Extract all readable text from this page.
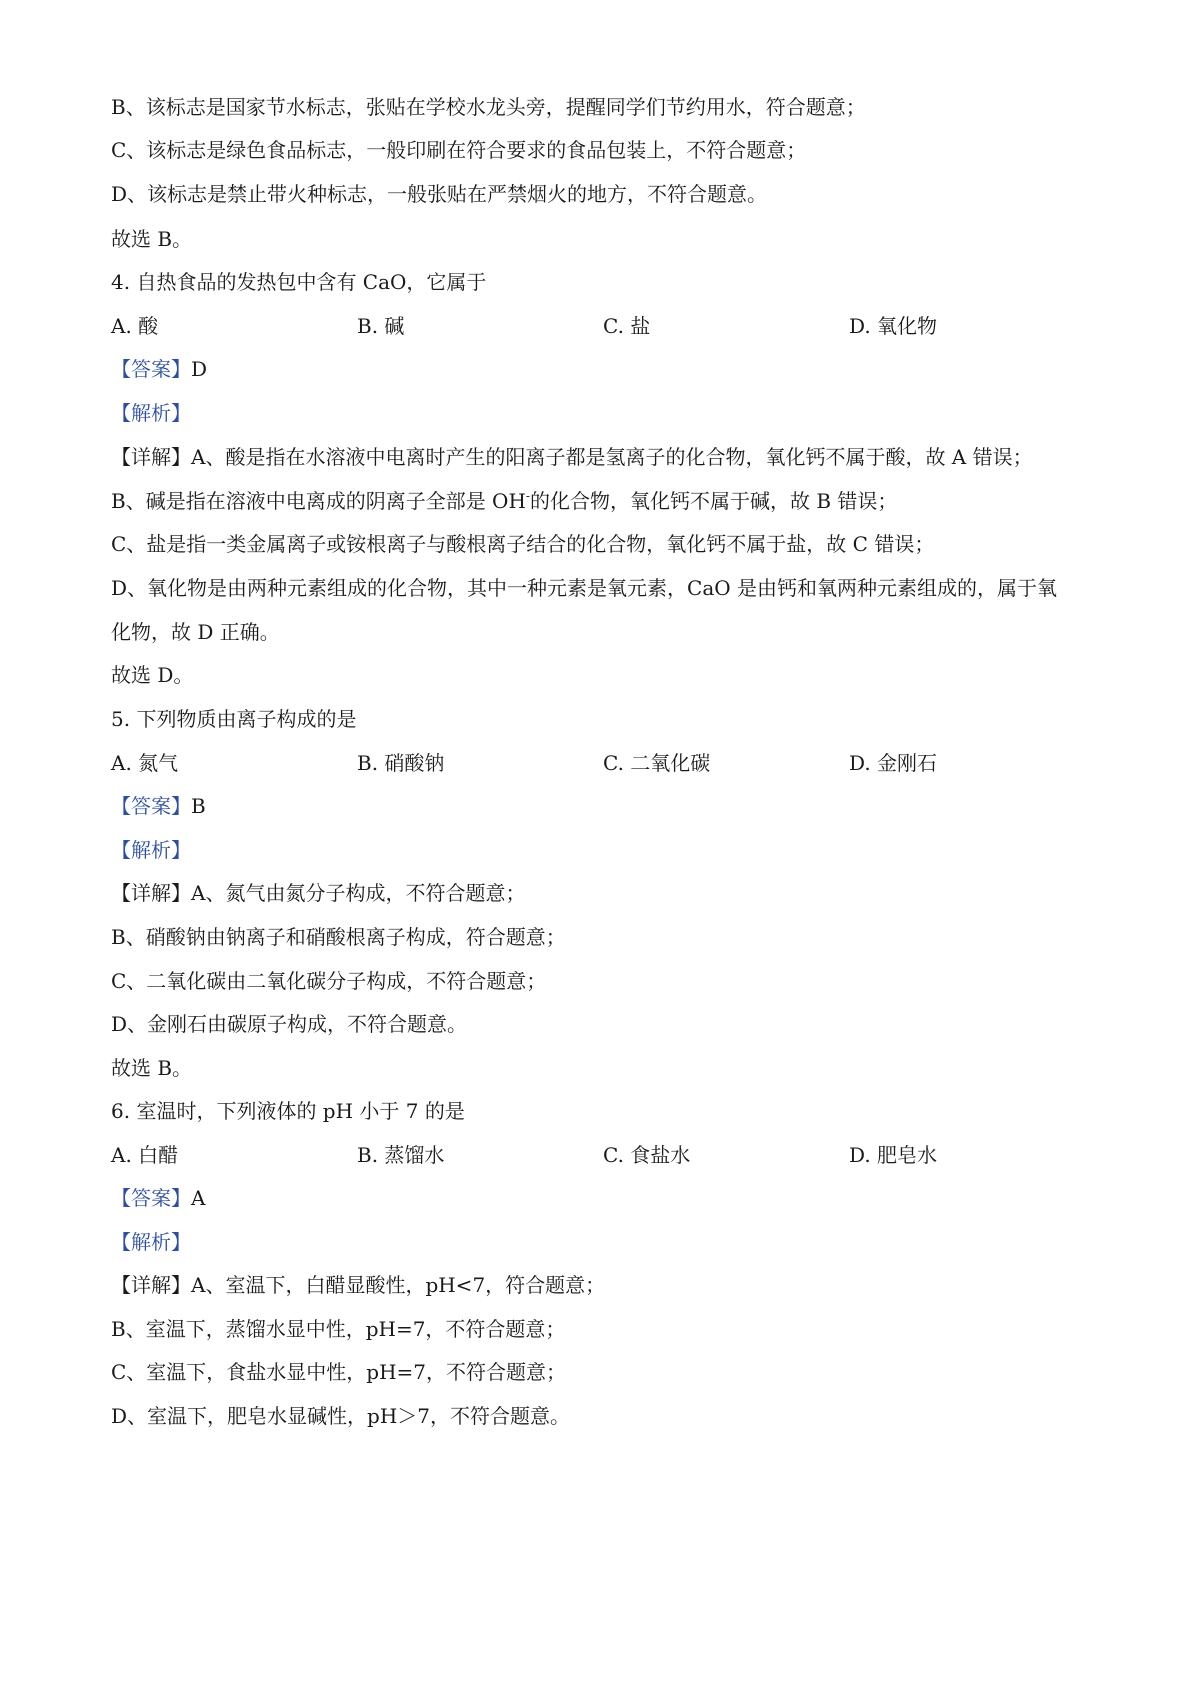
B、该标志是国家节水标志，张贴在学校水龙头旁，提醒同学们节约用水，符合题意；
C、该标志是绿色食品标志，一般印刷在符合要求的食品包装上，不符合题意；
D、该标志是禁止带火种标志，一般张贴在严禁烟火的地方，不符合题意。
故选 B。
4. 自热食品的发热包中含有 CaO，它属于
A. 酸	B. 碱	C. 盐	D. 氧化物
【答案】D
【解析】
【详解】A、酸是指在水溶液中电离时产生的阳离子都是氢离子的化合物，氧化钙不属于酸，故 A 错误；
B、碱是指在溶液中电离成的阴离子全部是 OH-的化合物，氧化钙不属于碱，故 B 错误；
C、盐是指一类金属离子或铵根离子与酸根离子结合的化合物，氧化钙不属于盐，故 C 错误；
D、氧化物是由两种元素组成的化合物，其中一种元素是氧元素，CaO 是由钙和氧两种元素组成的，属于氧
化物，故 D 正确。
故选 D。
5. 下列物质由离子构成的是
A. 氮气	B. 硝酸钠	C. 二氧化碳	D. 金刚石
【答案】B
【解析】
【详解】A、氮气由氮分子构成，不符合题意；
B、硝酸钠由钠离子和硝酸根离子构成，符合题意；
C、二氧化碳由二氧化碳分子构成，不符合题意；
D、金刚石由碳原子构成，不符合题意。
故选 B。
6. 室温时，下列液体的 pH 小于 7 的是
A. 白醋	B. 蒸馏水	C. 食盐水	D. 肥皂水
【答案】A
【解析】
【详解】A、室温下，白醋显酸性，pH<7，符合题意；
B、室温下，蒸馏水显中性，pH=7，不符合题意；
C、室温下，食盐水显中性，pH=7，不符合题意；
D、室温下，肥皂水显碱性，pH＞7，不符合题意。
